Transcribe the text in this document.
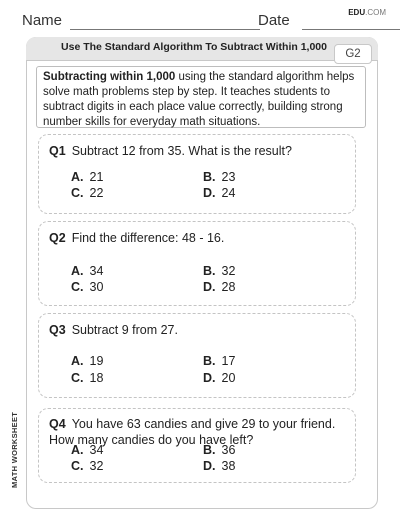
Name	Date	EDU.COM
MATH WORKSHEET
Use The Standard Algorithm To Subtract Within 1,000
G2
Subtracting within 1,000 using the standard algorithm helps solve math problems step by step. It teaches students to subtract digits in each place value correctly, building strong number skills for everyday math situations.
Q1 Subtract 12 from 35. What is the result?
A. 21	B. 23
C. 22	D. 24
Q2 Find the difference: 48 - 16.
A. 34	B. 32
C. 30	D. 28
Q3 Subtract 9 from 27.
A. 19	B. 17
C. 18	D. 20
Q4 You have 63 candies and give 29 to your friend. How many candies do you have left?
A. 34	B. 36
C. 32	D. 38
